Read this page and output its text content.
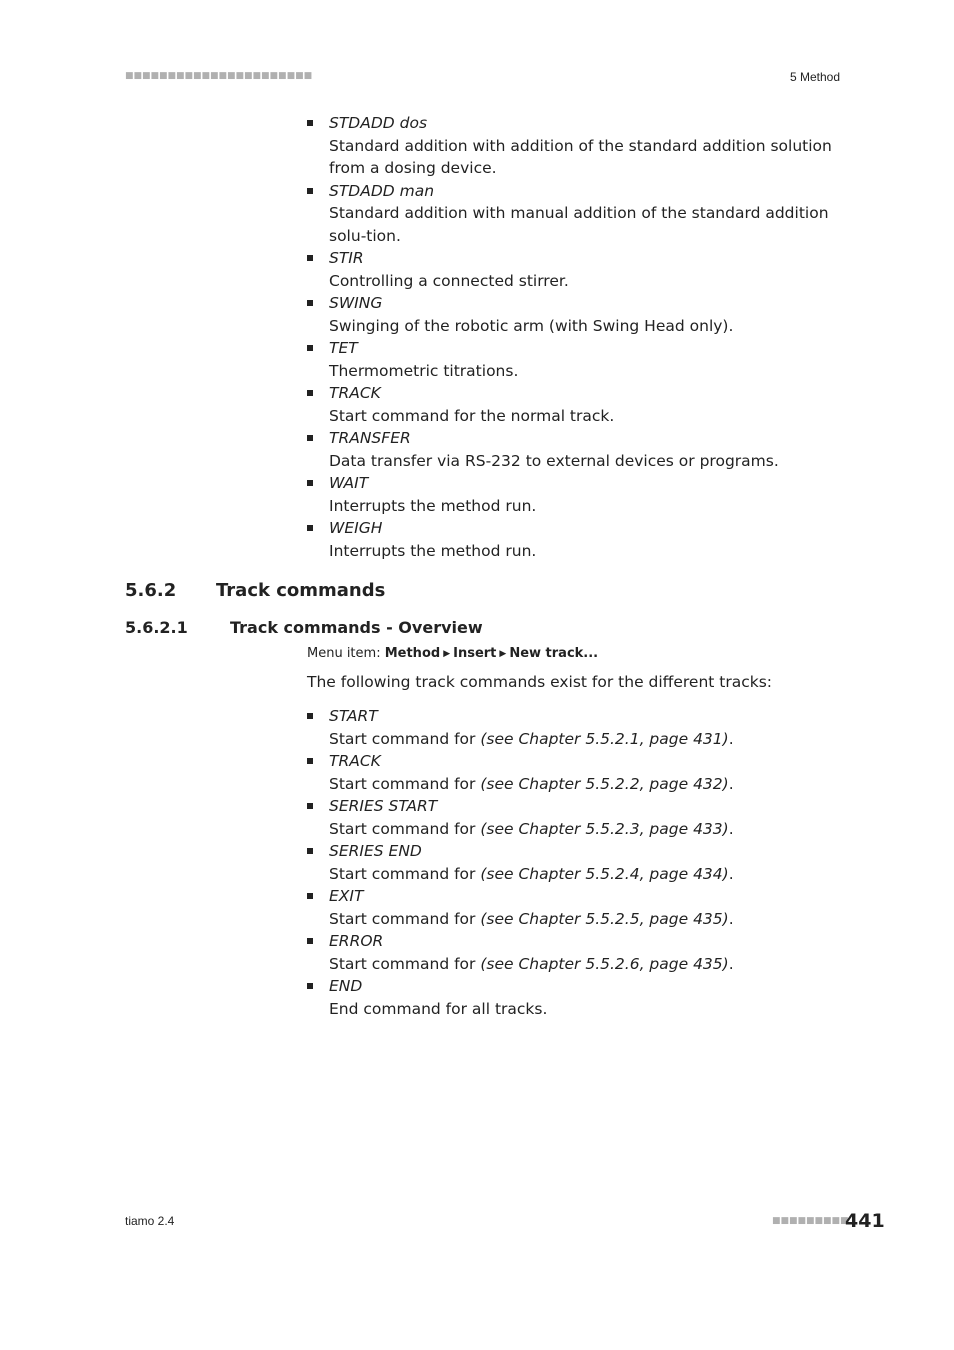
■■■■■■■■■■■■■■■■■■■■■■	5 Method
STDADD dos
Standard addition with addition of the standard addition solution from a dosing device.
STDADD man
Standard addition with manual addition of the standard addition solu-tion.
STIR
Controlling a connected stirrer.
SWING
Swinging of the robotic arm (with Swing Head only).
TET
Thermometric titrations.
TRACK
Start command for the normal track.
TRANSFER
Data transfer via RS-232 to external devices or programs.
WAIT
Interrupts the method run.
WEIGH
Interrupts the method run.
5.6.2 Track commands
5.6.2.1	Track commands - Overview
Menu item: Method ▶ Insert ▶ New track...
The following track commands exist for the different tracks:
START
Start command for (see Chapter 5.5.2.1, page 431).
TRACK
Start command for (see Chapter 5.5.2.2, page 432).
SERIES START
Start command for (see Chapter 5.5.2.3, page 433).
SERIES END
Start command for (see Chapter 5.5.2.4, page 434).
EXIT
Start command for (see Chapter 5.5.2.5, page 435).
ERROR
Start command for (see Chapter 5.5.2.6, page 435).
END
End command for all tracks.
tiamo 2.4	■■■■■■■■■
441
